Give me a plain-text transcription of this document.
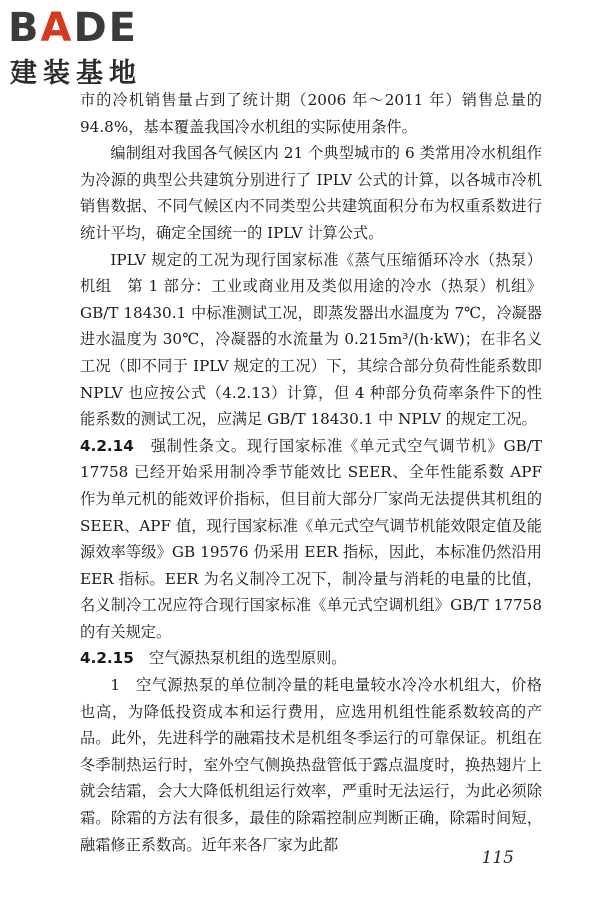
BADE
建装基地

市的冷机销售量占到了统计期（2006 年～2011 年）销售总量的 94.8%，基本覆盖我国冷水机组的实际使用条件。

编制组对我国各气候区内 21 个典型城市的 6 类常用冷水机组作为冷源的典型公共建筑分别进行了 IPLV 公式的计算，以各城市冷机销售数据、不同气候区内不同类型公共建筑面积分布为权重系数进行统计平均，确定全国统一的 IPLV 计算公式。

IPLV 规定的工况为现行国家标准《蒸气压缩循环冷水（热泵）机组　第 1 部分：工业或商业用及类似用途的冷水（热泵）机组》GB/T 18430.1 中标准测试工况，即蒸发器出水温度为 7℃，冷凝器进水温度为 30℃，冷凝器的水流量为 0.215m³/(h·kW)；在非名义工况（即不同于 IPLV 规定的工况）下，其综合部分负荷性能系数即 NPLV 也应按公式（4.2.13）计算，但 4 种部分负荷率条件下的性能系数的测试工况，应满足 GB/T 18430.1 中 NPLV 的规定工况。

4.2.14　 强制性条文。现行国家标准《单元式空气调节机》GB/T 17758 已经开始采用制冷季节能效比 SEER、全年性能系数 APF 作为单元机的能效评价指标，但目前大部分厂家尚无法提供其机组的 SEER、APF 值，现行国家标准《单元式空气调节机能效限定值及能源效率等级》GB 19576 仍采用 EER 指标，因此，本标准仍然沿用 EER 指标。EER 为名义制冷工况下，制冷量与消耗的电量的比值，名义制冷工况应符合现行国家标准《单元式空调机组》GB/T 17758 的有关规定。

4.2.15　 空气源热泵机组的选型原则。

1　空气源热泵的单位制冷量的耗电量较水冷冷水机组大，价格也高，为降低投资成本和运行费用，应选用机组性能系数较高的产品。此外，先进科学的融霜技术是机组冬季运行的可靠保证。机组在冬季制热运行时，室外空气侧换热盘管低于露点温度时，换热翅片上就会结霜，会大大降低机组运行效率，严重时无法运行，为此必须除霜。除霜的方法有很多，最佳的除霜控制应判断正确，除霜时间短，融霜修正系数高。近年来各厂家为此都

115
